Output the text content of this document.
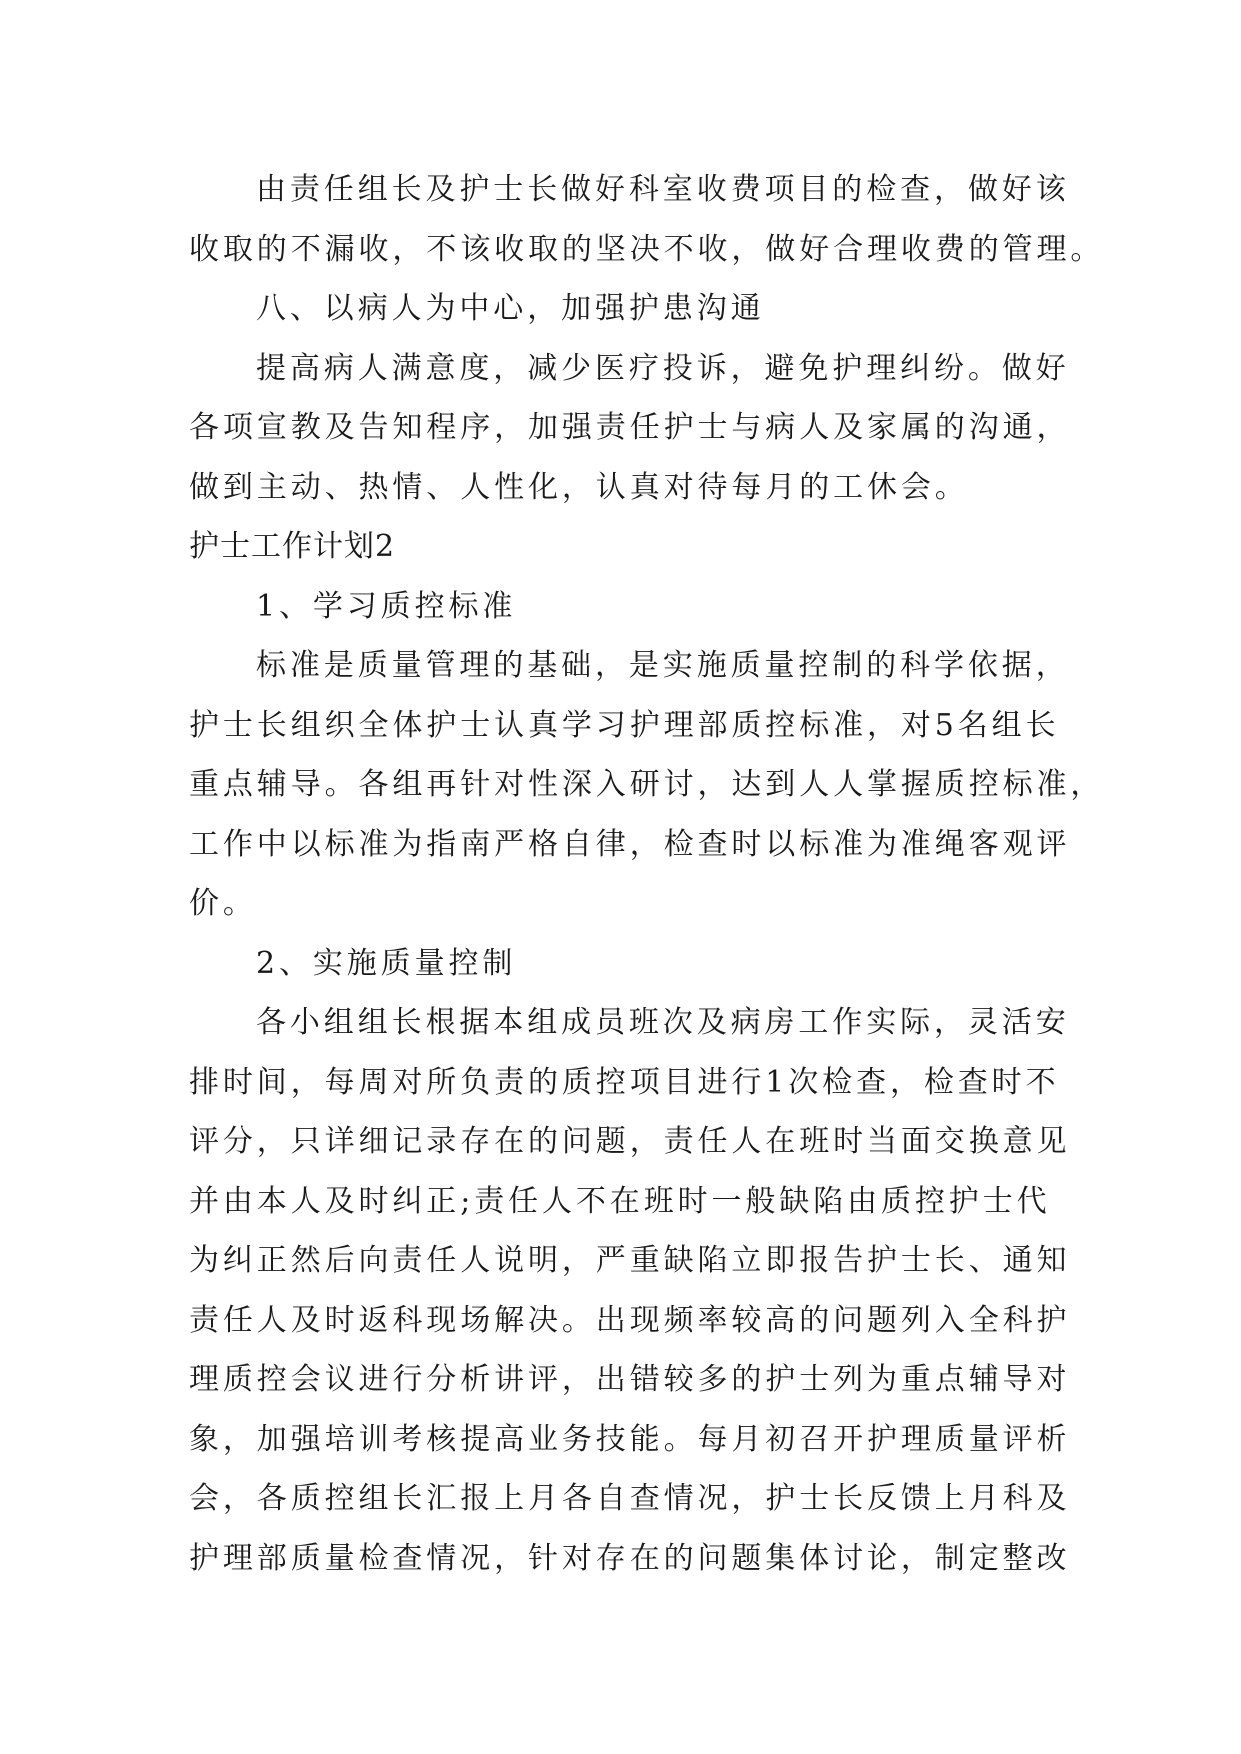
由责任组长及护士长做好科室收费项目的检查，做好该
收取的不漏收，不该收取的坚决不收，做好合理收费的管理。
八、以病人为中心，加强护患沟通
提高病人满意度，减少医疗投诉，避免护理纠纷。做好
各项宣教及告知程序，加强责任护士与病人及家属的沟通，
做到主动、热情、人性化，认真对待每月的工休会。
护士工作计划2
1、学习质控标准
标准是质量管理的基础，是实施质量控制的科学依据，
护士长组织全体护士认真学习护理部质控标准，对5名组长
重点辅导。各组再针对性深入研讨，达到人人掌握质控标准，
工作中以标准为指南严格自律，检查时以标准为准绳客观评
价。
2、实施质量控制
各小组组长根据本组成员班次及病房工作实际，灵活安
排时间，每周对所负责的质控项目进行1次检查，检查时不
评分，只详细记录存在的问题，责任人在班时当面交换意见
并由本人及时纠正;责任人不在班时一般缺陷由质控护士代
为纠正然后向责任人说明，严重缺陷立即报告护士长、通知
责任人及时返科现场解决。出现频率较高的问题列入全科护
理质控会议进行分析讲评，出错较多的护士列为重点辅导对
象，加强培训考核提高业务技能。每月初召开护理质量评析
会，各质控组长汇报上月各自查情况，护士长反馈上月科及
护理部质量检查情况，针对存在的问题集体讨论，制定整改
